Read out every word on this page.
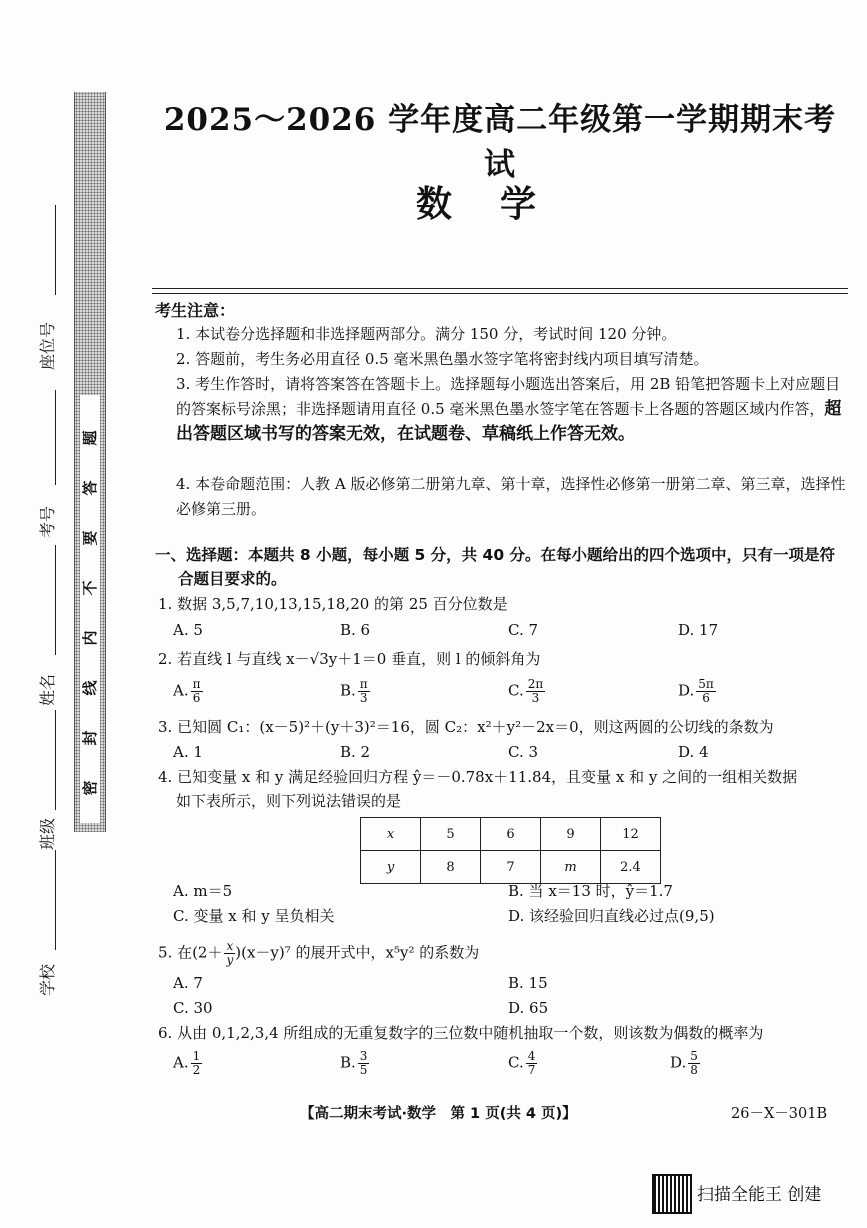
题
答
要
不
内
线
封
密
座位号
考号
姓名
班级
学校
2025～2026 学年度高二年级第一学期期末考试
数学
考生注意：
1. 本试卷分选择题和非选择题两部分。满分 150 分，考试时间 120 分钟。
2. 答题前，考生务必用直径 0.5 毫米黑色墨水签字笔将密封线内项目填写清楚。
3. 考生作答时，请将答案答在答题卡上。选择题每小题选出答案后，用 2B 铅笔把答题卡上对应题目的答案标号涂黑；非选择题请用直径 0.5 毫米黑色墨水签字笔在答题卡上各题的答题区域内作答，超出答题区域书写的答案无效，在试题卷、草稿纸上作答无效。
4. 本卷命题范围：人教 A 版必修第二册第九章、第十章，选择性必修第一册第二章、第三章，选择性必修第三册。
一、选择题：本题共 8 小题，每小题 5 分，共 40 分。在每小题给出的四个选项中，只有一项是符
合题目要求的。
1. 数据 3,5,7,10,13,15,18,20 的第 25 百分位数是
A. 5	B. 6	C. 7	D. 17
2. 若直线 l 与直线 x－√3y＋1＝0 垂直，则 l 的倾斜角为
A. $\frac{\pi}{6}$	B. $\frac{\pi}{3}$	C. $\frac{2\pi}{3}$	D. $\frac{5\pi}{6}$
3. 已知圆 C₁：(x－5)²＋(y＋3)²＝16，圆 C₂：x²＋y²－2x＝0，则这两圆的公切线的条数为
A. 1	B. 2	C. 3	D. 4
4. 已知变量 x 和 y 满足经验回归方程 ŷ＝－0.78x＋11.84，且变量 x 和 y 之间的一组相关数据
如下表所示，则下列说法错误的是
x	5	6	9	12
y	8	7	m	2.4
A. m＝5	B. 当 x＝13 时，ŷ＝1.7
C. 变量 x 和 y 呈负相关	D. 该经验回归直线必过点(9,5)
5. 在$(2+ \frac{x}{y} )(x-y)^7$ 的展开式中，x⁵y² 的系数为
A. 7	B. 15
C. 30	D. 65
6. 从由 0,1,2,3,4 所组成的无重复数字的三位数中随机抽取一个数，则该数为偶数的概率为
A. $\frac{1}{2}$	B. $\frac{3}{5}$	C. $\frac{4}{7}$	D. $\frac{5}{8}$
【高二期末考试·数学　第 1 页(共 4 页)】	26－X－301B
扫描全能王 创建
